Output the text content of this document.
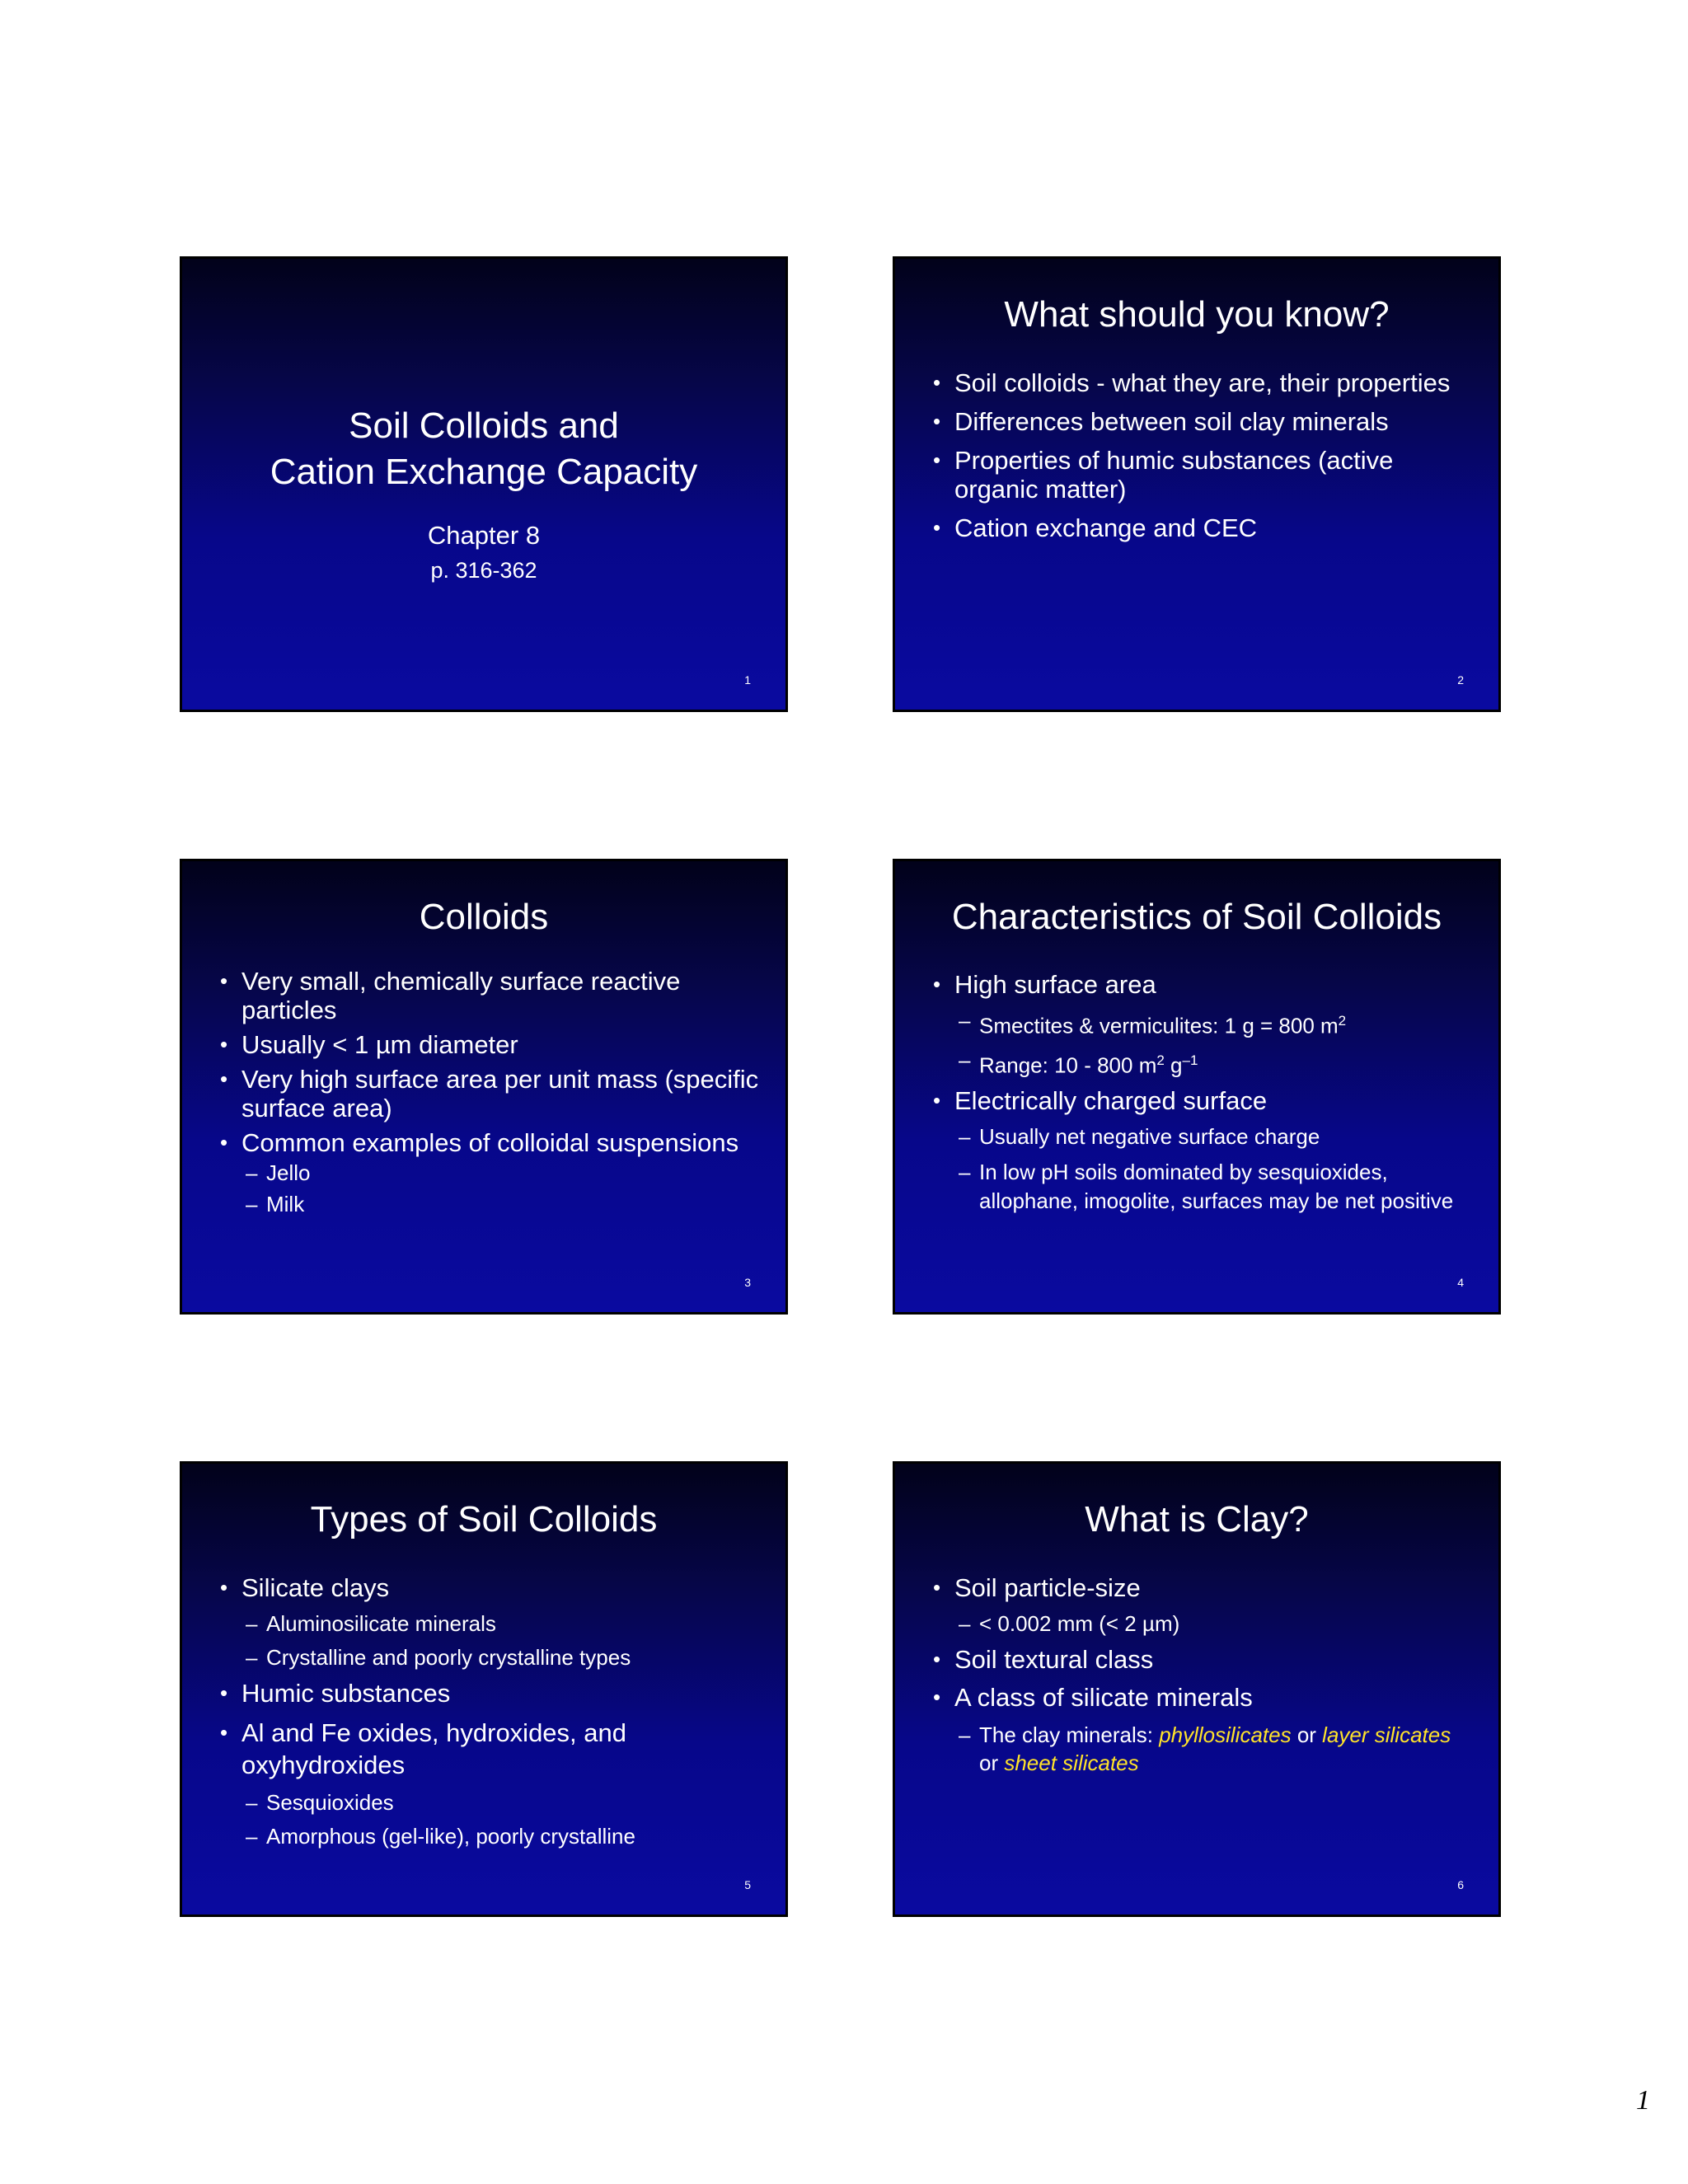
Soil Colloids and
Cation Exchange Capacity
Chapter 8
p. 316-362
1
What should you know?
• Soil colloids - what they are, their properties
• Differences between soil clay minerals
• Properties of humic substances (active organic matter)
• Cation exchange and CEC
2
Colloids
• Very small, chemically surface reactive particles
• Usually < 1 µm diameter
• Very high surface area per unit mass (specific surface area)
• Common examples of colloidal suspensions
– Jello
– Milk
3
Characteristics of Soil Colloids
• High surface area
– Smectites & vermiculites: 1 g = 800 $m^2$
– Range: 10 - 800 $m^2$ $g^{-1}$
• Electrically charged surface
– Usually net negative surface charge
– In low pH soils dominated by sesquioxides, allophane, imogolite, surfaces may be net positive
4
Types of Soil Colloids
• Silicate clays
– Aluminosilicate minerals
– Crystalline and poorly crystalline types
• Humic substances
• Al and Fe oxides, hydroxides, and oxyhydroxides
– Sesquioxides
– Amorphous (gel-like), poorly crystalline
5
What is Clay?
• Soil particle-size
– < 0.002 mm (< 2 µm)
• Soil textural class
• A class of silicate minerals
– The clay minerals: phyllosilicates or layer silicates or sheet silicates
6
1
